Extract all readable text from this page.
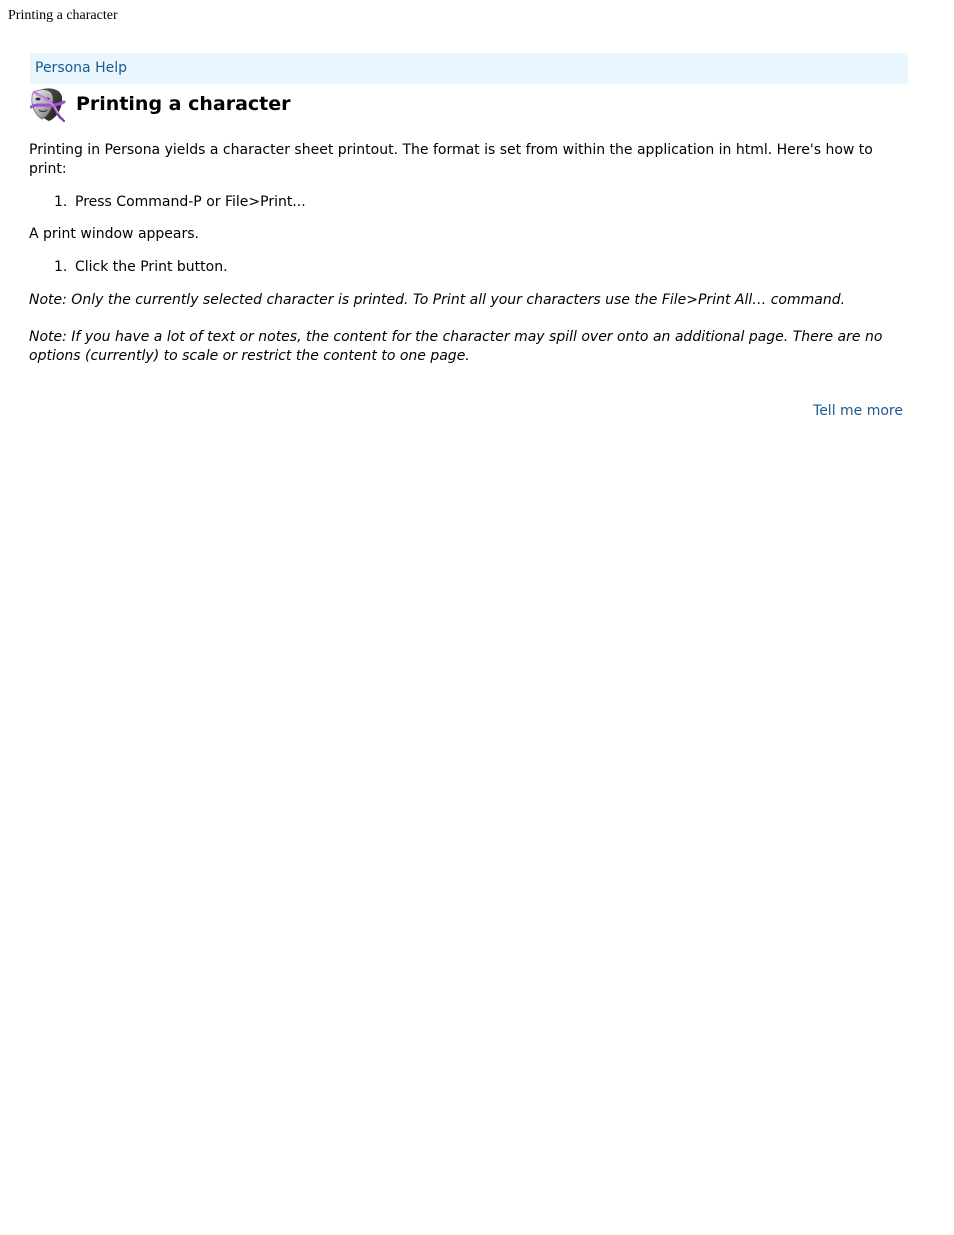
Printing a character
Persona Help
Printing a character

Printing in Persona yields a character sheet printout. The format is set from within the application in html. Here's how to print:

1. Press Command-P or File>Print...

A print window appears.

1. Click the Print button.

Note: Only the currently selected character is printed. To Print all your characters use the File>Print All… command.

Note: If you have a lot of text or notes, the content for the character may spill over onto an additional page. There are no options (currently) to scale or restrict the content to one page.

Tell me more
